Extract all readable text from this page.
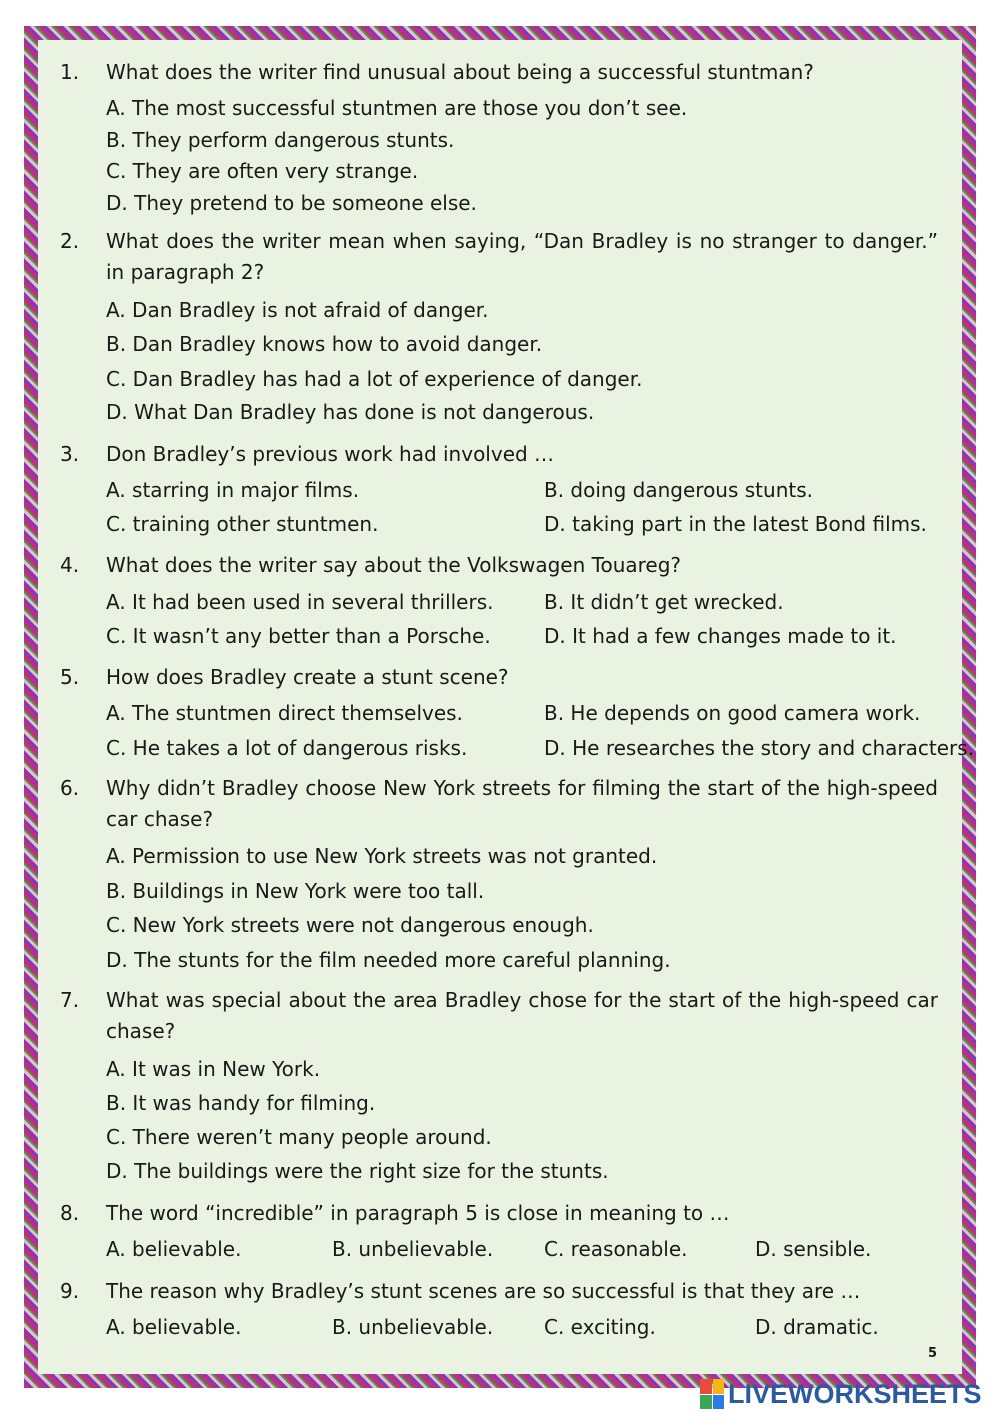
1.	What does the writer find unusual about being a successful stuntman?
A. The most successful stuntmen are those you don’t see.
B. They perform dangerous stunts.
C. They are often very strange.
D. They pretend to be someone else.
2.	What does the writer mean when saying, “Dan Bradley is no stranger to danger.” in paragraph 2?
A. Dan Bradley is not afraid of danger.
B. Dan Bradley knows how to avoid danger.
C. Dan Bradley has had a lot of experience of danger.
D. What Dan Bradley has done is not dangerous.
3.	Don Bradley’s previous work had involved …
A. starring in major films.	B. doing dangerous stunts.
C. training other stuntmen.	D. taking part in the latest Bond films.
4.	What does the writer say about the Volkswagen Touareg?
A. It had been used in several thrillers.	B. It didn’t get wrecked.
C. It wasn’t any better than a Porsche.	D. It had a few changes made to it.
5.	How does Bradley create a stunt scene?
A. The stuntmen direct themselves.	B. He depends on good camera work.
C. He takes a lot of dangerous risks.	D. He researches the story and characters.
6.	Why didn’t Bradley choose New York streets for filming the start of the high-speed car chase?
A. Permission to use New York streets was not granted.
B. Buildings in New York were too tall.
C. New York streets were not dangerous enough.
D. The stunts for the film needed more careful planning.
7.	What was special about the area Bradley chose for the start of the high-speed car chase?
A. It was in New York.
B. It was handy for filming.
C. There weren’t many people around.
D. The buildings were the right size for the stunts.
8.	The word “incredible” in paragraph 5 is close in meaning to …
A. believable.	B. unbelievable.	C. reasonable.	D. sensible.
9.	The reason why Bradley’s stunt scenes are so successful is that they are …
A. believable.	B. unbelievable.	C. exciting.	D. dramatic.
5
LIVEWORKSHEETS
